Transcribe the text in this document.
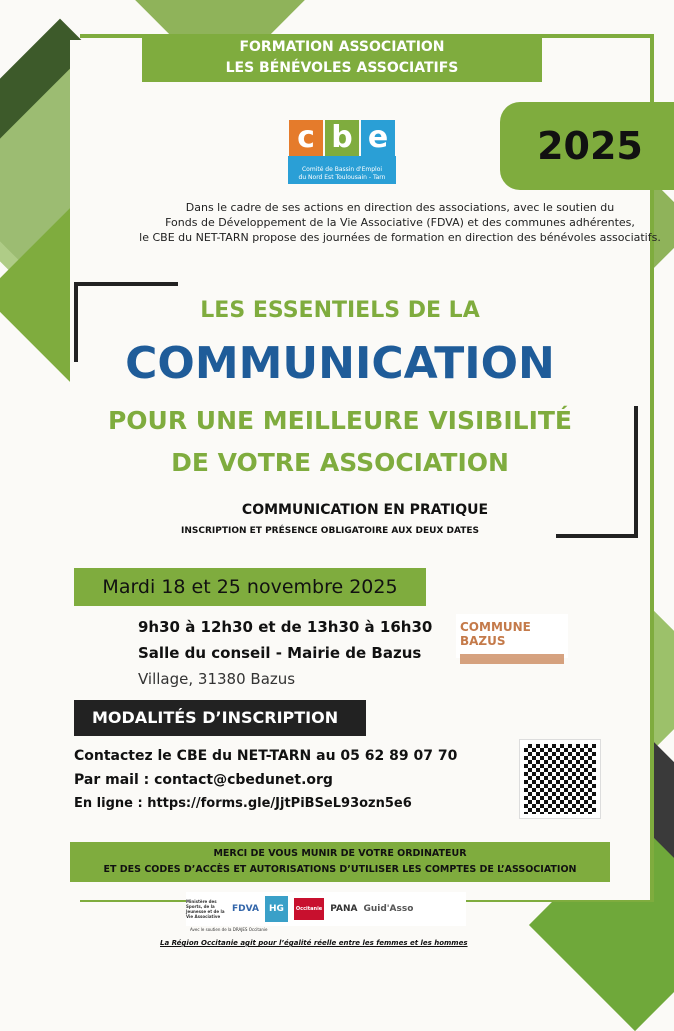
FORMATION ASSOCIATION
LES BÉNÉVOLES ASSOCIATIFS
2025
c b e
Comité de Bassin d'Emploi
du Nord Est Toulousain - Tarn
Dans le cadre de ses actions en direction des associations, avec le soutien du
Fonds de Développement de la Vie Associative (FDVA) et des communes adhérentes,
le CBE du NET-TARN propose des journées de formation en direction des bénévoles associatifs.
LES ESSENTIELS DE LA
COMMUNICATION
POUR UNE MEILLEURE VISIBILITÉ
DE VOTRE ASSOCIATION
COMMUNICATION EN PRATIQUE
INSCRIPTION ET PRÉSENCE OBLIGATOIRE AUX DEUX DATES
Mardi 18 et 25 novembre 2025
9h30 à 12h30 et de 13h30 à 16h30
Salle du conseil - Mairie de Bazus
Village, 31380 Bazus
COMMUNE BAZUS
MODALITÉS D’INSCRIPTION
Contactez le CBE du NET-TARN au 05 62 89 07 70
Par mail : contact@cbedunet.org
En ligne : https://forms.gle/JjtPiBSeL93ozn5e6
MERCI DE VOUS MUNIR DE VOTRE ORDINATEUR
ET DES CODES D’ACCÈS ET AUTORISATIONS D’UTILISER LES COMPTES DE L’ASSOCIATION
Ministère des Sports, de la Jeunesse et de la Vie Associative
FDVA	HG	Occitanie PANA Guid'Asso
Avec le soutien de la DRAJES Occitanie
La Région Occitanie agit pour l’égalité réelle entre les femmes et les hommes
